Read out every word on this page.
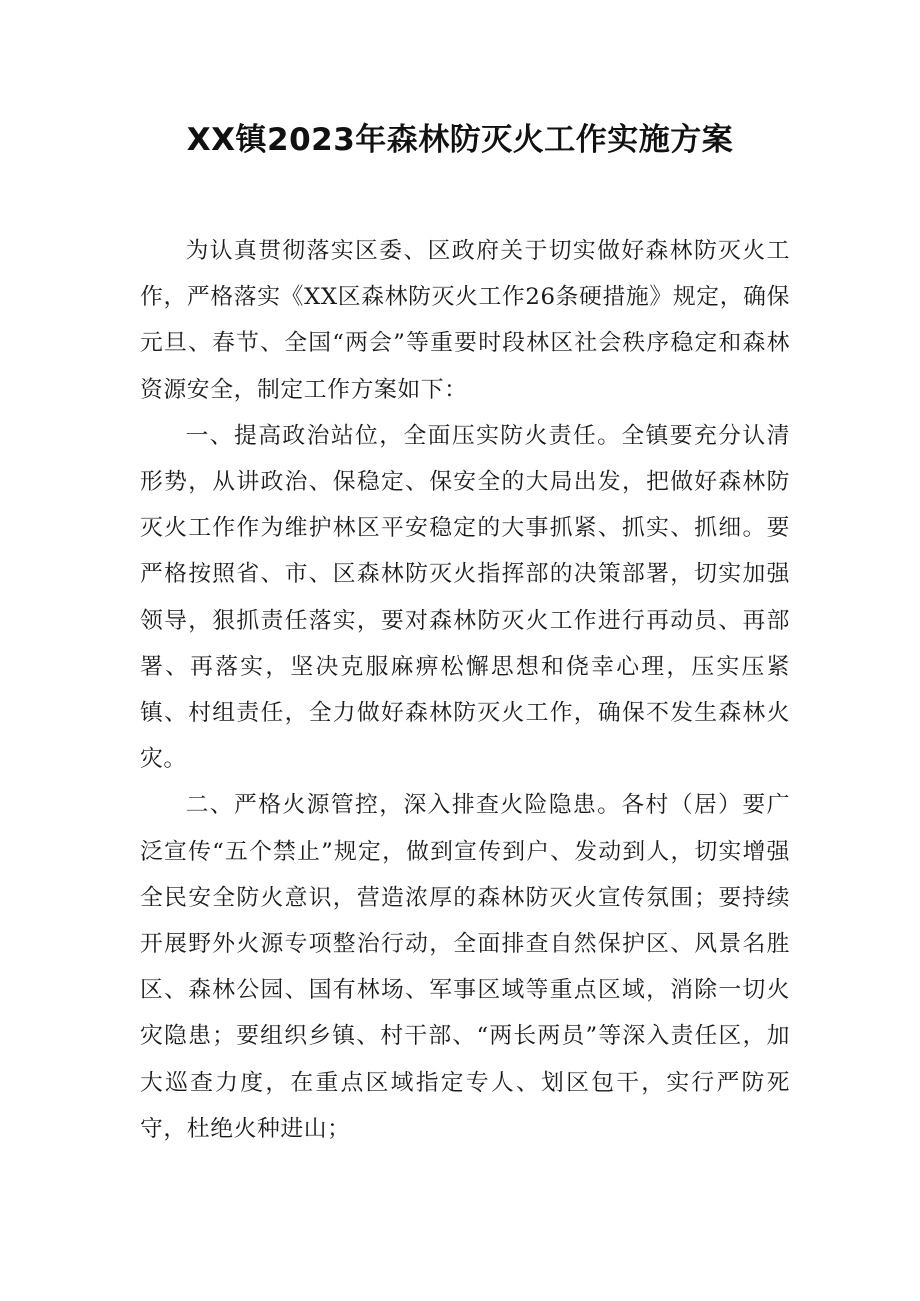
XX镇2023年森林防灭火工作实施方案

为认真贯彻落实区委、区政府关于切实做好森林防灭火工作，严格落实《XX区森林防灭火工作26条硬措施》规定，确保元旦、春节、全国“两会”等重要时段林区社会秩序稳定和森林资源安全，制定工作方案如下：

一、提高政治站位，全面压实防火责任。全镇要充分认清形势，从讲政治、保稳定、保安全的大局出发，把做好森林防灭火工作作为维护林区平安稳定的大事抓紧、抓实、抓细。要严格按照省、市、区森林防灭火指挥部的决策部署，切实加强领导，狠抓责任落实，要对森林防灭火工作进行再动员、再部署、再落实，坚决克服麻痹松懈思想和侥幸心理，压实压紧镇、村组责任，全力做好森林防灭火工作，确保不发生森林火灾。

二、严格火源管控，深入排查火险隐患。各村（居）要广泛宣传“五个禁止”规定，做到宣传到户、发动到人，切实增强全民安全防火意识，营造浓厚的森林防灭火宣传氛围；要持续开展野外火源专项整治行动，全面排查自然保护区、风景名胜区、森林公园、国有林场、军事区域等重点区域，消除一切火灾隐患；要组织乡镇、村干部、“两长两员”等深入责任区，加大巡查力度，在重点区域指定专人、划区包干，实行严防死守，杜绝火种进山；
